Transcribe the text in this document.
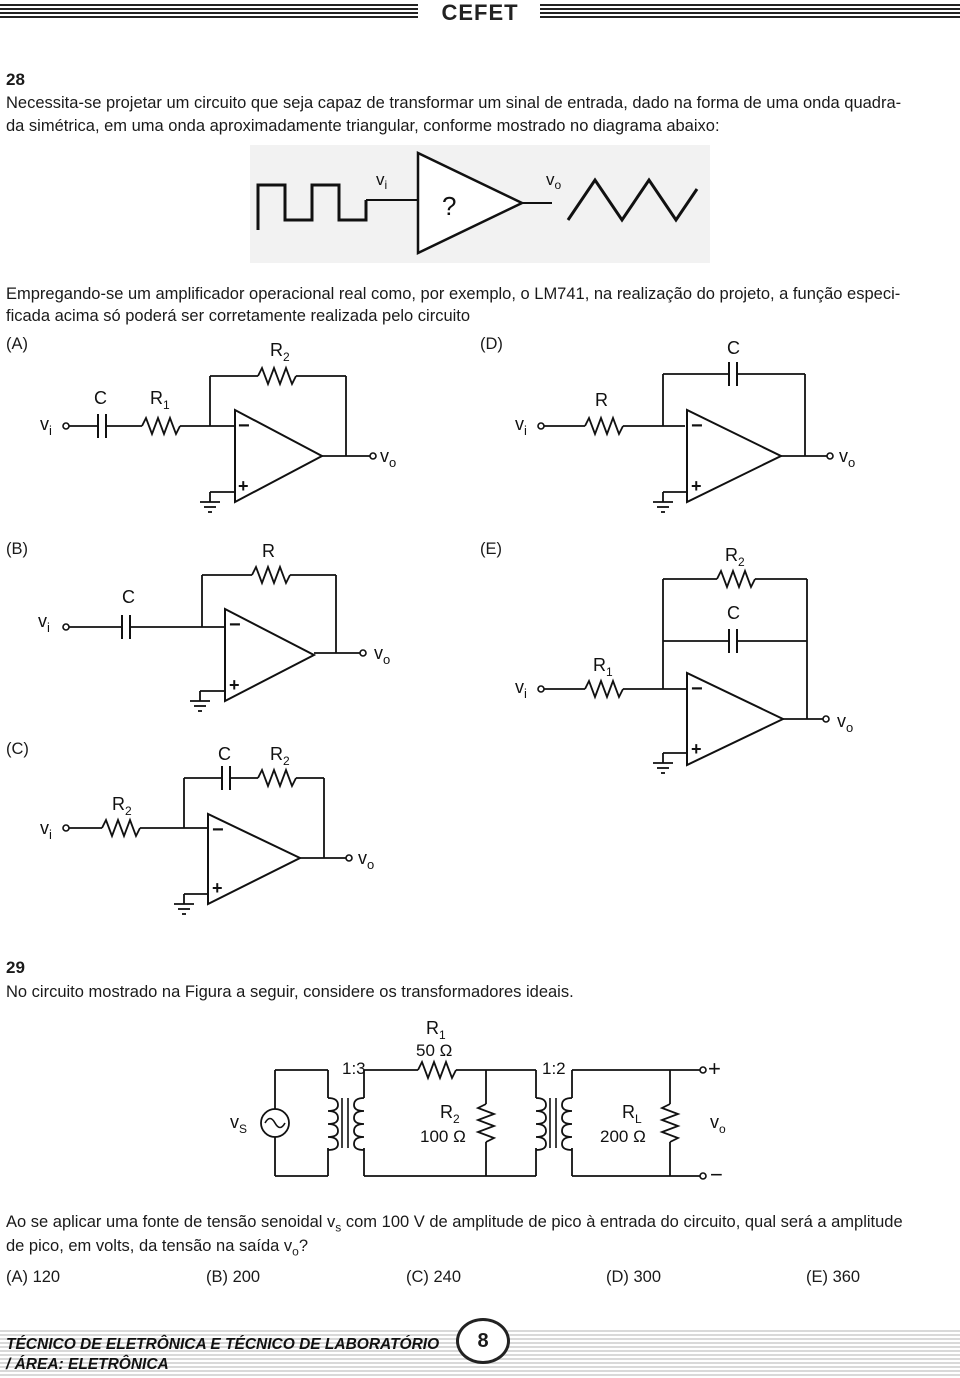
CEFET
28
Necessita-se projetar um circuito que seja capaz de transformar um sinal de entrada, dado na forma de uma onda quadra-
da simétrica, em uma onda aproximadamente triangular, conforme mostrado no diagrama abaixo:
$v_i$
?
$v_o$
Empregando-se um amplificador operacional real como, por exemplo, o LM741, na realização do projeto, a função especi-
ficada acima só poderá ser corretamente realizada pelo circuito
(A)	(D)
(B)	(E)
(C)
$v_i$
C $R_1$
$R_2$
−
+
$v_o$
$v_i$
R
C
−
+
$v_o$
$v_i$
C
R
−
+
$v_o$
$v_i$
$R_1$
$R_2$
C
−
+
$v_o$
$v_i$
$R_2$
C $R_2$
−
+
$v_o$
29
No circuito mostrado na Figura a seguir, considere os transformadores ideais.
$R_1$
50 Ω
$v_S$
1:3
$R_2$
100 Ω
1:2
$R_L$
200 Ω
+
−
$v_o$
Ao se aplicar uma fonte de tensão senoidal $v_s$ com 100 V de amplitude de pico à entrada do circuito, qual será a amplitude
de pico, em volts, da tensão na saída $v_o$?
(A) 120	(B) 200	(C) 240	(D) 300	(E) 360
TÉCNICO DE ELETRÔNICA E TÉCNICO DE LABORATÓRIO
/ ÁREA: ELETRÔNICA
8
